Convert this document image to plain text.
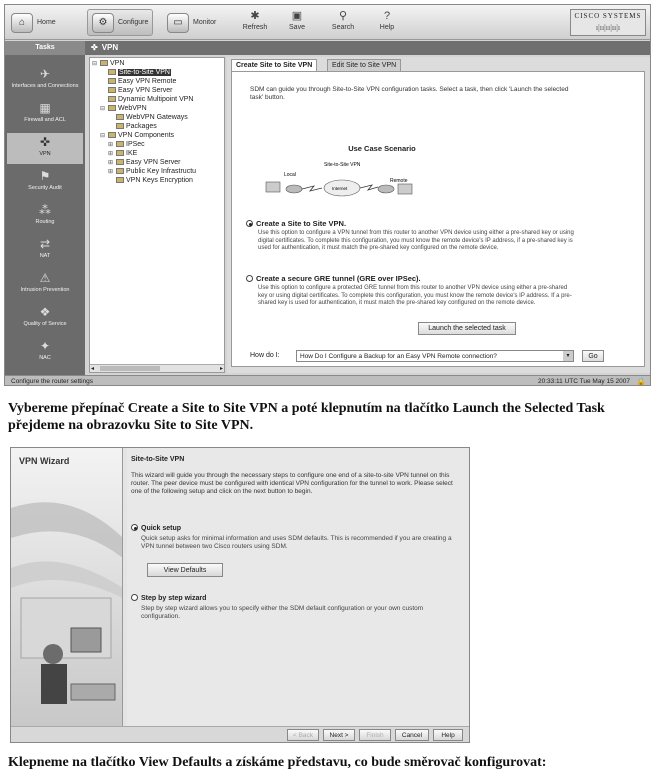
⌂	Home	⚙	Configure	▭	Monitor
✱
Refresh
▣
Save
⚲
Search
?
Help
CISCO SYSTEMS
ı|ıı|ıı|ıı|ı
Tasks	✜ VPN
✈
Interfaces and Connections
▦
Firewall and ACL
✜
VPN
⚑
Security Audit
⁂
Routing
⇄
NAT
⚠
Intrusion Prevention
❖
Quality of Service
✦
NAC
⊟ VPN
Site-to-Site VPN
Easy VPN Remote
Easy VPN Server
Dynamic Multipoint VPN
⊟ WebVPN
WebVPN Gateways
Packages
⊟ VPN Components
⊞ IPSec
⊞ IKE
⊞ Easy VPN Server
⊞ Public Key Infrastructu
VPN Keys Encryption
◂	▸
Create Site to Site VPN	Edit Site to Site VPN
SDM can guide you through Site-to-Site VPN configuration tasks. Select a task, then click 'Launch the selected task' button.
Use Case Scenario
Site-to-Site VPN
Local
Remote
Internet
Create a Site to Site VPN.
Use this option to configure a VPN tunnel from this router to another VPN device using either a pre-shared key or using digital certificates. To complete this configuration, you must know the remote device's IP address, if a pre-shared key is used for authentication, it must match the pre-shared key configured on the remote device.
Create a secure GRE tunnel (GRE over IPSec).
Use this option to configure a protected GRE tunnel from this router to another VPN device using either a pre-shared key or using digital certificates. To complete this configuration, you must know the remote device's IP address. If a pre-shared key is used for authentication, it must match the pre-shared key configured on the remote device.
Launch the selected task
How do I:	How Do I Configure a Backup for an Easy VPN Remote connection?	▾	Go
Configure the router settings	20:33:11 UTC Tue May 15 2007 🔒
Vybereme přepínač Create a Site to Site VPN a poté klepnutím na tlačítko Launch the Selected Task přejdeme na obrazovku Site to Site VPN.
VPN Wizard	Site-to-Site VPN
This wizard will guide you through the necessary steps to configure one end of a site-to-site VPN tunnel on this router. The peer device must be configured with identical VPN configuration for the tunnel to work. Please select one of the following setup and click on the next button to begin.
Quick setup
Quick setup asks for minimal information and uses SDM defaults. This is recommended if you are creating a VPN tunnel between two Cisco routers using SDM.
View Defaults
Step by step wizard
Step by step wizard allows you to specify either the SDM default configuration or your own custom configuration.
< Back	Next >	Finish	Cancel	Help
Klepneme na tlačítko View Defaults a získáme představu, co bude směrovač konfigurovat:
